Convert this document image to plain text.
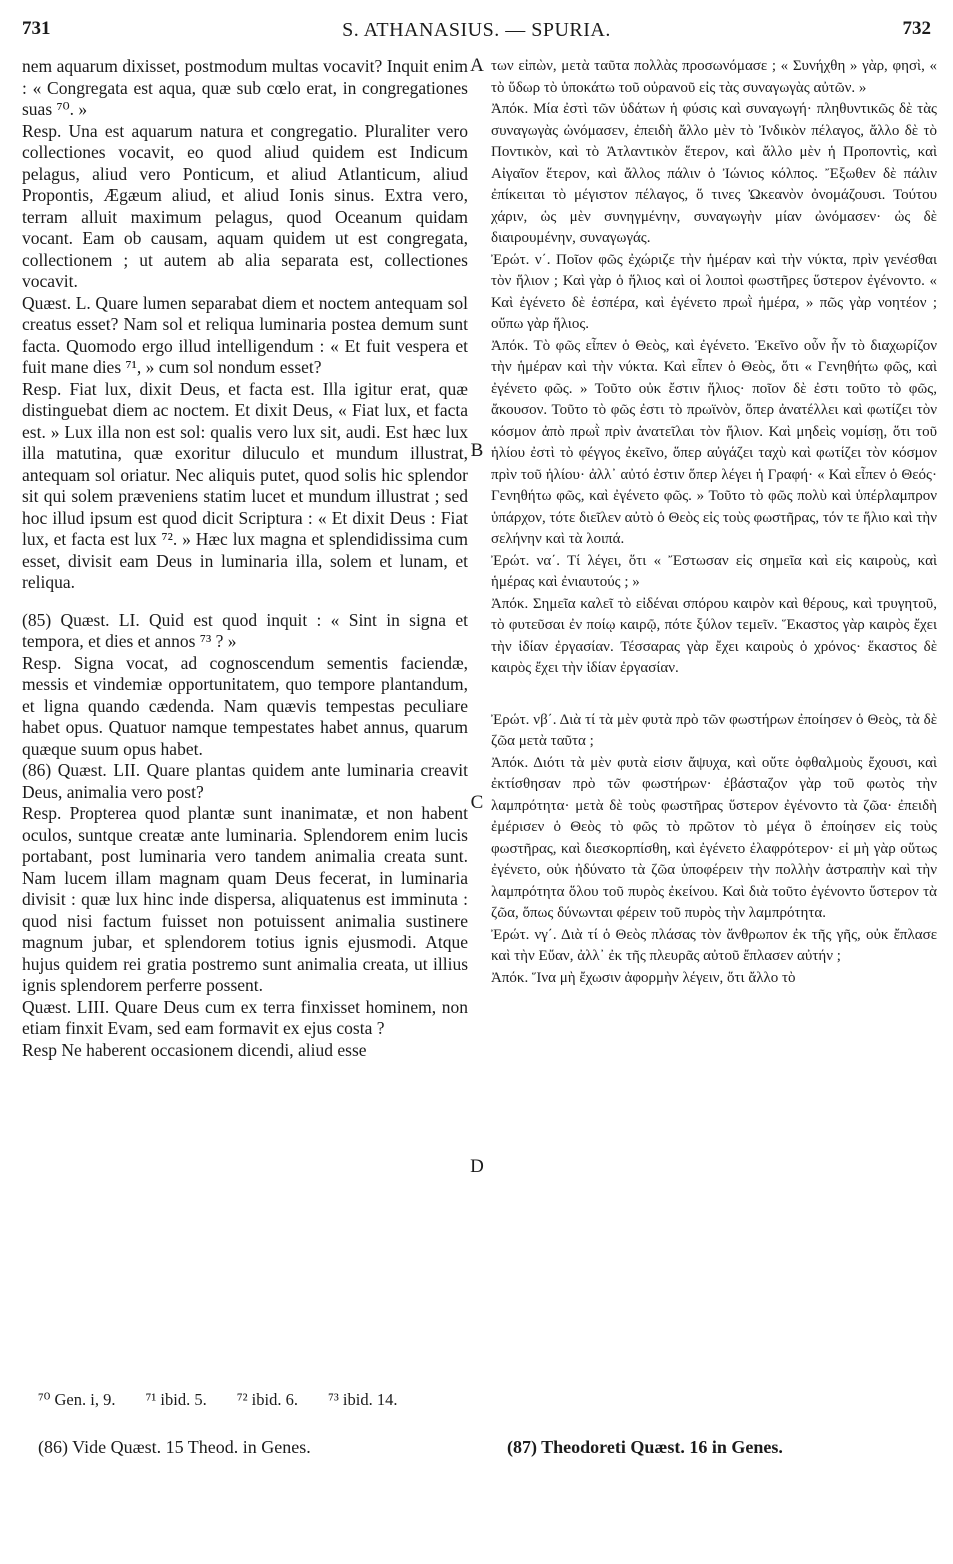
731	S. ATHANASIUS. — SPURIA.	732

nem aquarum dixisset, postmodum multas vocavit? Inquit enim : « Congregata est aqua, quæ sub cœlo erat, in congregationes suas ⁷⁰. »

Resp. Una est aquarum natura et congregatio. Pluraliter vero collectiones vocavit, eo quod aliud quidem est Indicum pelagus, aliud vero Ponticum, et aliud Atlanticum, aliud Propontis, Ægæum aliud, et aliud Ionis sinus. Extra vero, terram alluit maximum pelagus, quod Oceanum quidam vocant. Eam ob causam, aquam quidem ut est congregata, collectionem ; ut autem ab alia separata est, collectiones vocavit.

Quæst. L. Quare lumen separabat diem et noctem antequam sol creatus esset? Nam sol et reliqua luminaria postea demum sunt facta. Quomodo ergo illud intelligendum : « Et fuit vespera et fuit mane dies ⁷¹, » cum sol nondum esset?

Resp. Fiat lux, dixit Deus, et facta est. Illa igitur erat, quæ distinguebat diem ac noctem. Et dixit Deus, « Fiat lux, et facta est. » Lux illa non est sol: qualis vero lux sit, audi. Est hæc lux illa matutina, quæ exoritur diluculo et mundum illustrat, antequam sol oriatur. Nec aliquis putet, quod solis hic splendor sit qui solem præveniens statim lucet et mundum illustrat ; sed hoc illud ipsum est quod dicit Scriptura : « Et dixit Deus : Fiat lux, et facta est lux ⁷². » Hæc lux magna et splendidissima cum esset, divisit eam Deus in luminaria illa, solem et lunam, et reliqua.

(85) Quæst. LI. Quid est quod inquit : « Sint in signa et tempora, et dies et annos ⁷³ ? »

Resp. Signa vocat, ad cognoscendum sementis faciendæ, messis et vindemiæ opportunitatem, quo tempore plantandum, et ligna quando cædenda. Nam quævis tempestas peculiare habet opus. Quatuor namque tempestates habet annus, quarum quæque suum opus habet.

(86) Quæst. LII. Quare plantas quidem ante luminaria creavit Deus, animalia vero post?

Resp. Propterea quod plantæ sunt inanimatæ, et non habent oculos, suntque creatæ ante luminaria. Splendorem enim lucis portabant, post luminaria vero tandem animalia creata sunt. Nam lucem illam magnam quam Deus fecerat, in luminaria divisit : quæ lux hinc inde dispersa, aliquatenus est imminuta : quod nisi factum fuisset non potuissent animalia sustinere magnum jubar, et splendorem totius ignis ejusmodi. Atque hujus quidem rei gratia postremo sunt animalia creata, ut illius ignis splendorem perferre possent.

Quæst. LIII. Quare Deus cum ex terra finxisset hominem, non etiam finxit Evam, sed eam formavit ex ejus costa ?

Resp Ne haberent occasionem dicendi, aliud esse

A
B
C
D

των εἰπὼν, μετὰ ταῦτα πολλὰς προσωνόμασε ; « Συνήχθη » γὰρ, φησὶ, « τὸ ὕδωρ τὸ ὑποκάτω τοῦ οὐρανοῦ εἰς τὰς συναγωγὰς αὐτῶν. »

Ἀπόκ. Μία ἐστὶ τῶν ὑδάτων ἡ φύσις καὶ συναγωγή· πληθυντικῶς δὲ τὰς συναγωγὰς ὠνόμασεν, ἐπειδὴ ἄλλο μὲν τὸ Ἰνδικὸν πέλαγος, ἄλλο δὲ τὸ Ποντικὸν, καὶ τὸ Ἀτλαντικὸν ἕτερον, καὶ ἄλλο μὲν ἡ Προποντὶς, καὶ Αἰγαῖον ἕτερον, καὶ ἄλλος πάλιν ὁ Ἰώνιος κόλπος. Ἔξωθεν δὲ πάλιν ἐπίκειται τὸ μέγιστον πέλαγος, ὅ τινες Ὠκεανὸν ὀνομάζουσι. Τούτου χάριν, ὡς μὲν συνηγμένην, συναγωγὴν μίαν ὠνόμασεν· ὡς δὲ διαιρουμένην, συναγωγάς.

Ἐρώτ. ν΄. Ποῖον φῶς ἐχώριζε τὴν ἡμέραν καὶ τὴν νύκτα, πρὶν γενέσθαι τὸν ἥλιον ; Καὶ γὰρ ὁ ἥλιος καὶ οἱ λοιποὶ φωστῆρες ὕστερον ἐγένοντο. « Καὶ ἐγένετο δὲ ἑσπέρα, καὶ ἐγένετο πρωῒ ἡμέρα, » πῶς γὰρ νοητέον ; οὔπω γὰρ ἥλιος.

Ἀπόκ. Τὸ φῶς εἶπεν ὁ Θεὸς, καὶ ἐγένετο. Ἐκεῖνο οὖν ἦν τὸ διαχωρίζον τὴν ἡμέραν καὶ τὴν νύκτα. Καὶ εἶπεν ὁ Θεὸς, ὅτι « Γενηθήτω φῶς, καὶ ἐγένετο φῶς. » Τοῦτο οὐκ ἔστιν ἥλιος· ποῖον δὲ ἐστι τοῦτο τὸ φῶς, ἄκουσον. Τοῦτο τὸ φῶς ἐστι τὸ πρωϊνὸν, ὅπερ ἀνατέλλει καὶ φωτίζει τὸν κόσμον ἀπὸ πρωῒ πρὶν ἀνατεῖλαι τὸν ἥλιον. Καὶ μηδεὶς νομίσῃ, ὅτι τοῦ ἡλίου ἐστὶ τὸ φέγγος ἐκεῖνο, ὅπερ αὐγάζει ταχὺ καὶ φωτίζει τὸν κόσμον πρὶν τοῦ ἡλίου· ἀλλ᾿ αὐτό ἐστιν ὅπερ λέγει ἡ Γραφή· « Καὶ εἶπεν ὁ Θεός· Γενηθήτω φῶς, καὶ ἐγένετο φῶς. » Τοῦτο τὸ φῶς πολὺ καὶ ὑπέρλαμπρον ὑπάρχον, τότε διεῖλεν αὐτὸ ὁ Θεὸς εἰς τοὺς φωστῆρας, τόν τε ἥλιο καὶ τὴν σελήνην καὶ τὰ λοιπά.

Ἐρώτ. να΄. Τί λέγει, ὅτι « Ἔστωσαν εἰς σημεῖα καὶ εἰς καιροὺς, καὶ ἡμέρας καὶ ἐνιαυτούς ; »

Ἀπόκ. Σημεῖα καλεῖ τὸ εἰδέναι σπόρου καιρὸν καὶ θέρους, καὶ τρυγητοῦ, τὸ φυτεῦσαι ἐν ποίῳ καιρῷ, πότε ξύλον τεμεῖν. Ἕκαστος γὰρ καιρὸς ἔχει τὴν ἰδίαν ἐργασίαν. Τέσσαρας γὰρ ἔχει καιροὺς ὁ χρόνος· ἕκαστος δὲ καιρὸς ἔχει τὴν ἰδίαν ἐργασίαν.

Ἐρώτ. νβ΄. Διὰ τί τὰ μὲν φυτὰ πρὸ τῶν φωστήρων ἐποίησεν ὁ Θεὸς, τὰ δὲ ζῶα μετὰ ταῦτα ;

Ἀπόκ. Διότι τὰ μὲν φυτὰ εἰσιν ἄψυχα, καὶ οὔτε ὀφθαλμοὺς ἔχουσι, καὶ ἐκτίσθησαν πρὸ τῶν φωστήρων· ἐβάσταζον γὰρ τοῦ φωτὸς τὴν λαμπρότητα· μετὰ δὲ τοὺς φωστῆρας ὕστερον ἐγένοντο τὰ ζῶα· ἐπειδὴ ἐμέρισεν ὁ Θεὸς τὸ φῶς τὸ πρῶτον τὸ μέγα ὃ ἐποίησεν εἰς τοὺς φωστῆρας, καὶ διεσκορπίσθη, καὶ ἐγένετο ἐλαφρότερον· εἰ μὴ γὰρ οὕτως ἐγένετο, οὐκ ἠδύνατο τὰ ζῶα ὑποφέρειν τὴν πολλὴν ἀστραπὴν καὶ τὴν λαμπρότητα ὅλου τοῦ πυρὸς ἐκείνου. Καὶ διὰ τοῦτο ἐγένοντο ὕστερον τὰ ζῶα, ὅπως δύνωνται φέρειν τοῦ πυρὸς τὴν λαμπρότητα.

Ἐρώτ. νγ΄. Διὰ τί ὁ Θεὸς πλάσας τὸν ἄνθρωπον ἐκ τῆς γῆς, οὐκ ἔπλασε καὶ τὴν Εὔαν, ἀλλ᾿ ἐκ τῆς πλευρᾶς αὐτοῦ ἔπλασεν αὐτήν ;

Ἀπόκ. Ἵνα μὴ ἔχωσιν ἀφορμὴν λέγειν, ὅτι ἄλλο τὸ

⁷⁰ Gen. i, 9. ⁷¹ ibid. 5. ⁷² ibid. 6. ⁷³ ibid. 14.
(86) Vide Quæst. 15 Theod. in Genes.	(87) Theodoreti Quæst. 16 in Genes.
